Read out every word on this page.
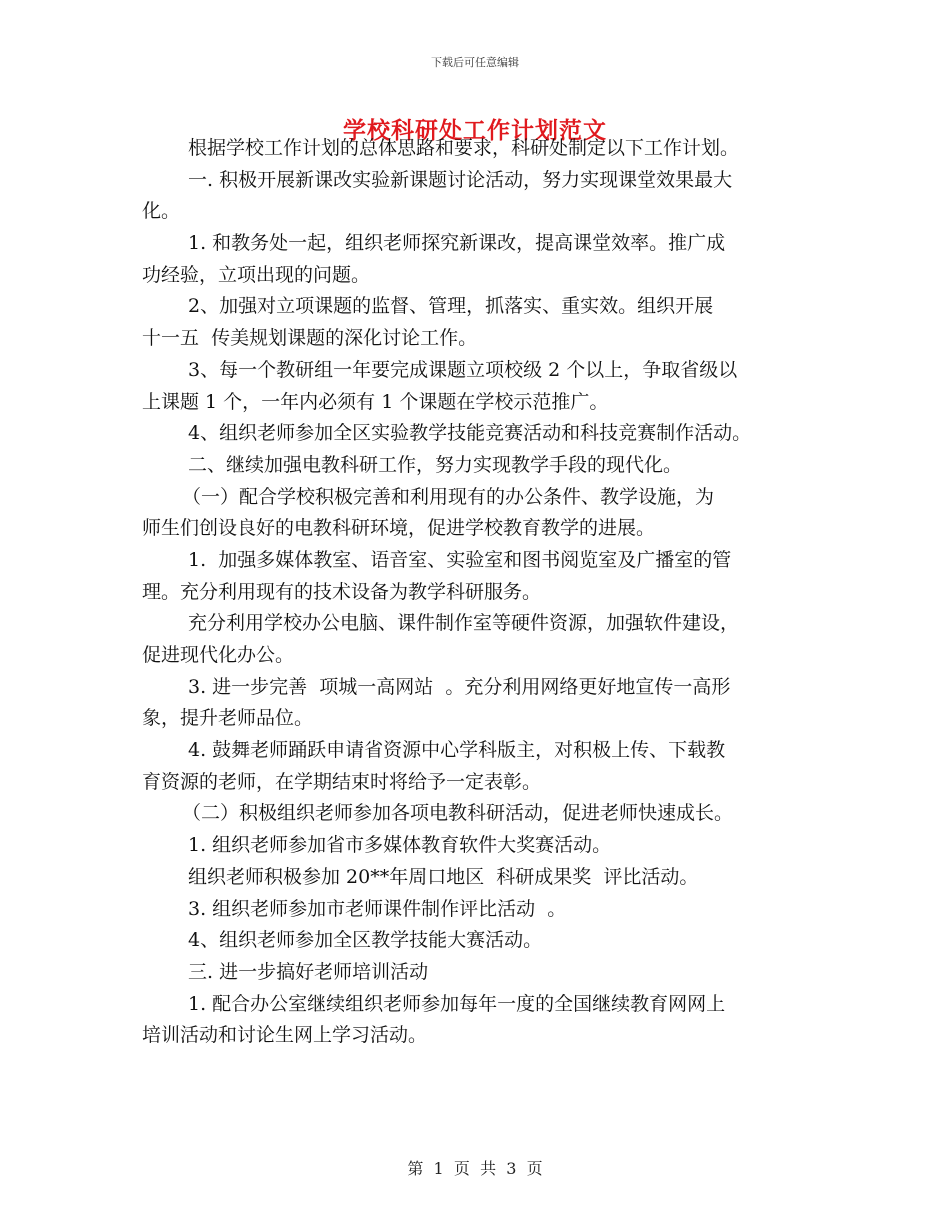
下载后可任意编辑
学校科研处工作计划范文
根据学校工作计划的总体思路和要求，科研处制定以下工作计划。
一. 积极开展新课改实验新课题讨论活动，努力实现课堂效果最大
化。
1. 和教务处一起，组织老师探究新课改，提高课堂效率。推广成
功经验，立项出现的问题。
2、加强对立项课题的监督、管理，抓落实、重实效。组织开展
十一五  传美规划课题的深化讨论工作。
3、每一个教研组一年要完成课题立项校级 2 个以上，争取省级以
上课题 1 个，一年内必须有 1 个课题在学校示范推广。
4、组织老师参加全区实验教学技能竞赛活动和科技竞赛制作活动。
二、继续加强电教科研工作，努力实现教学手段的现代化。
（一）配合学校积极完善和利用现有的办公条件、教学设施，为
师生们创设良好的电教科研环境，促进学校教育教学的进展。
1.  加强多媒体教室、语音室、实验室和图书阅览室及广播室的管
理。充分利用现有的技术设备为教学科研服务。
充分利用学校办公电脑、课件制作室等硬件资源，加强软件建设，
促进现代化办公。
3. 进一步完善  项城一高网站  。充分利用网络更好地宣传一高形
象，提升老师品位。
4. 鼓舞老师踊跃申请省资源中心学科版主，对积极上传、下载教
育资源的老师，在学期结束时将给予一定表彰。
（二）积极组织老师参加各项电教科研活动，促进老师快速成长。
1. 组织老师参加省市多媒体教育软件大奖赛活动。
组织老师积极参加 20**年周口地区  科研成果奖  评比活动。
3. 组织老师参加市老师课件制作评比活动  。
4、组织老师参加全区教学技能大赛活动。
三. 进一步搞好老师培训活动
1. 配合办公室继续组织老师参加每年一度的全国继续教育网网上
培训活动和讨论生网上学习活动。
第  1  页  共  3  页
